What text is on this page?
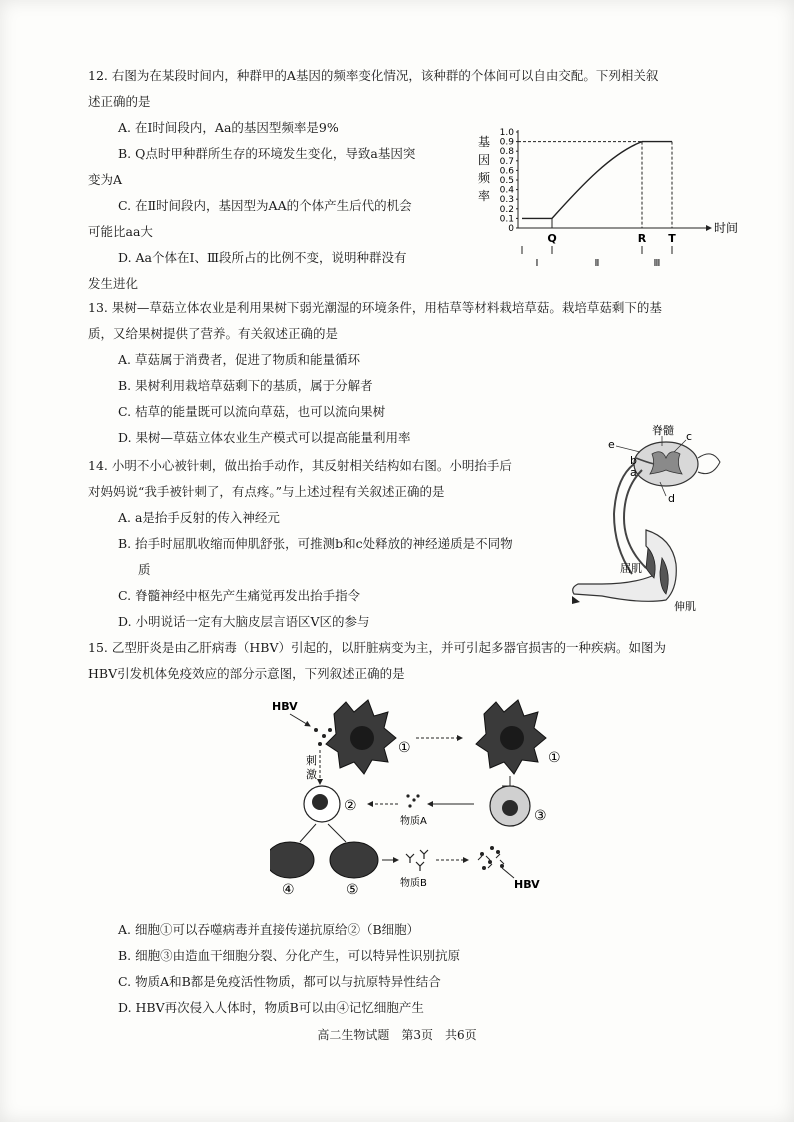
12. 右图为在某段时间内，种群甲的A基因的频率变化情况，该种群的个体间可以自由交配。下列相关叙
述正确的是
A. 在Ⅰ时间段内，Aa的基因型频率是9%
B. Q点时甲种群所生存的环境发生变化，导致a基因突
变为A
C. 在Ⅱ时间段内，基因型为AA的个体产生后代的机会
可能比aa大
D. Aa个体在Ⅰ、Ⅲ段所占的比例不变，说明种群没有
发生进化
基
因
频
率
0
0.1
0.2
0.3
0.4
0.5
0.6
0.7
0.8
0.9
1.0
Q	R T
时间
Ⅰ	Ⅱ	Ⅲ
13. 果树—草菇立体农业是利用果树下弱光潮湿的环境条件，用桔草等材料栽培草菇。栽培草菇剩下的基
质，又给果树提供了营养。有关叙述正确的是
A. 草菇属于消费者，促进了物质和能量循环
B. 果树利用栽培草菇剩下的基质，属于分解者
C. 桔草的能量既可以流向草菇，也可以流向果树
D. 果树—草菇立体农业生产模式可以提高能量利用率
14. 小明不小心被针刺，做出抬手动作，其反射相关结构如右图。小明抬手后
对妈妈说“我手被针刺了，有点疼。”与上述过程有关叙述正确的是
A. a是抬手反射的传入神经元
B. 抬手时屈肌收缩而伸肌舒张，可推测b和c处释放的神经递质是不同物
质
C. 脊髓神经中枢先产生痛觉再发出抬手指令
D. 小明说话一定有大脑皮层言语区V区的参与
脊髓
e
c
b
a
d
屈肌
伸肌
15. 乙型肝炎是由乙肝病毒（HBV）引起的，以肝脏病变为主，并可引起多器官损害的一种疾病。如图为
HBV引发机体免疫效应的部分示意图，下列叙述正确的是
HBV
①
①
刺
激
②
物质A	③
④	⑤	物质B	HBV
A. 细胞①可以吞噬病毒并直接传递抗原给②（B细胞）
B. 细胞③由造血干细胞分裂、分化产生，可以特异性识别抗原
C. 物质A和B都是免疫活性物质，都可以与抗原特异性结合
D. HBV再次侵入人体时，物质B可以由④记忆细胞产生
高二生物试题　第3页　共6页
